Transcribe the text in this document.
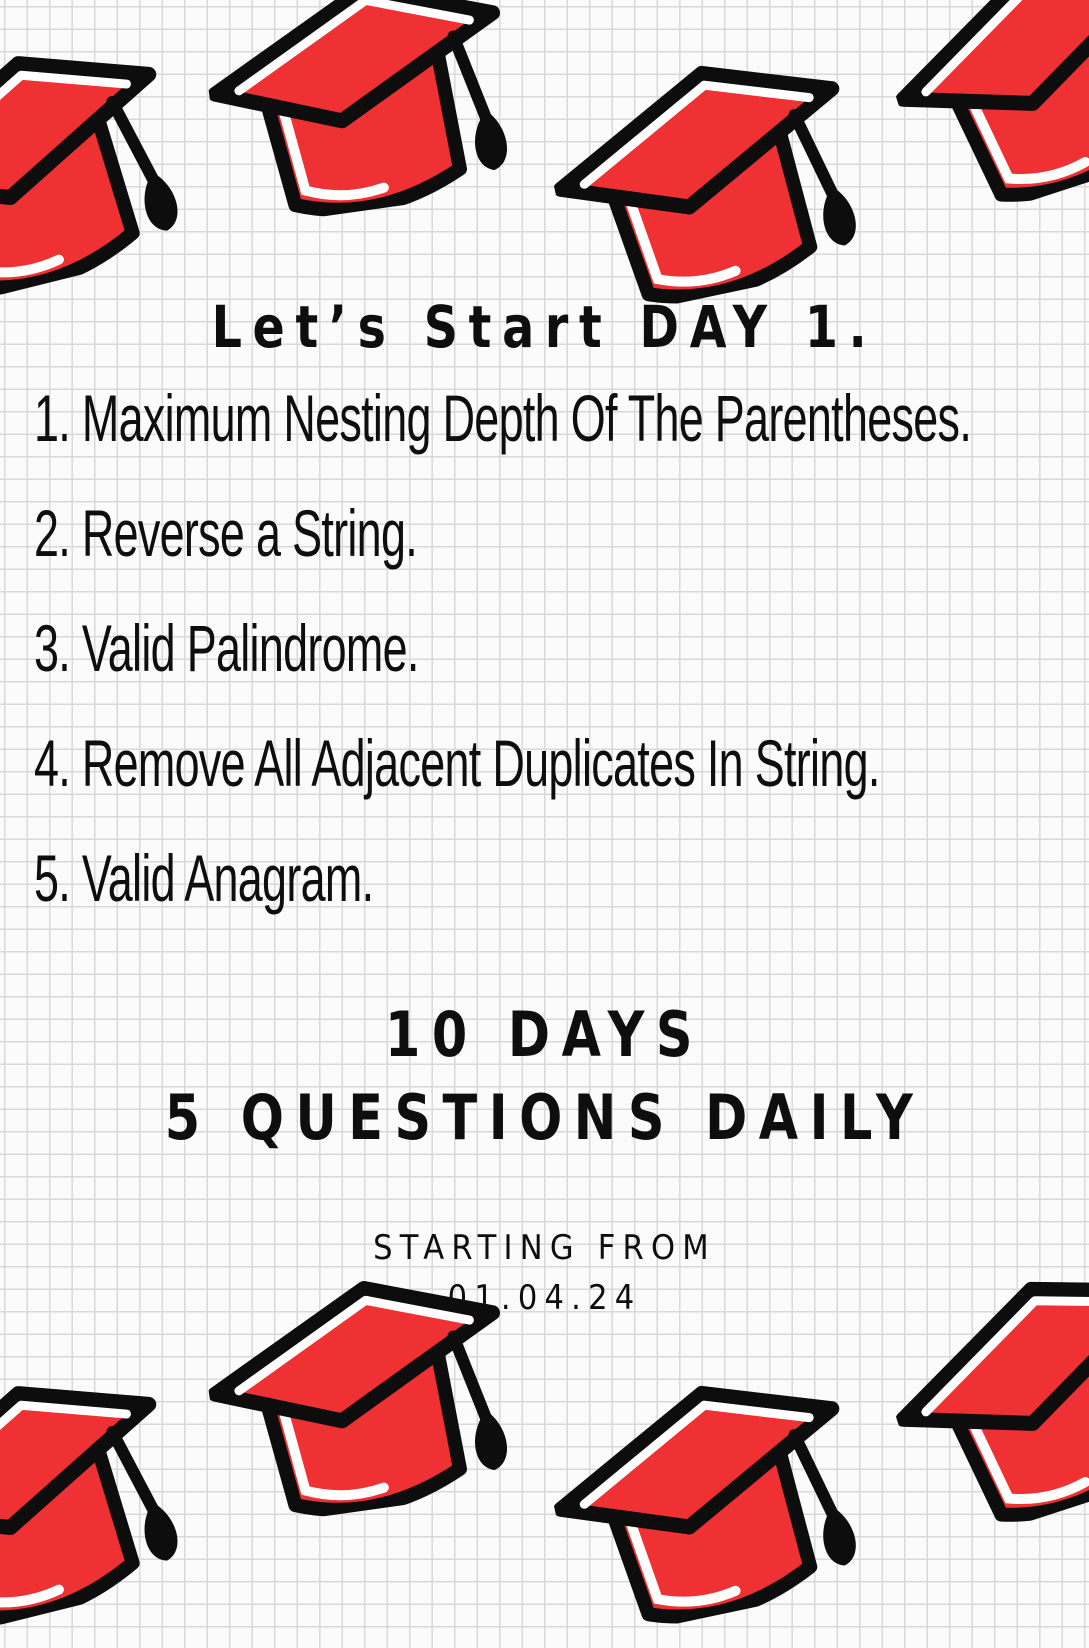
Let’s Start DAY 1.
1. Maximum Nesting Depth Of The Parentheses.
2. Reverse a String.
3. Valid Palindrome.
4. Remove All Adjacent Duplicates In String.
5. Valid Anagram.

10 DAYS

5 QUESTIONS DAILY

STARTING FROM

01.04.24
